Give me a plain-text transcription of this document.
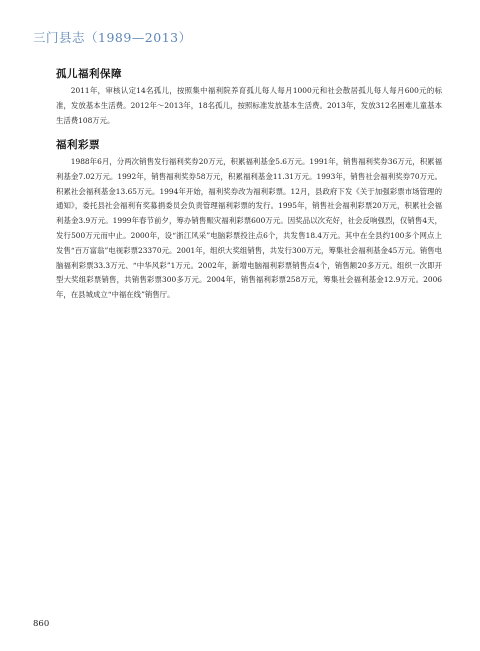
三门县志（1989—2013）
孤儿福利保障
2011年，审核认定14名孤儿，按照集中福利院养育孤儿每人每月1000元和社会散居孤儿每人每月600元的标准，发放基本生活费。2012年～2013年，18名孤儿，按照标准发放基本生活费。2013年，发放312名困难儿童基本生活费108万元。
福利彩票
1988年6月，分两次销售发行福利奖券20万元，积累福利基金5.6万元。1991年，销售福利奖券36万元，积累福利基金7.02万元。1992年，销售福利奖券58万元，积累福利基金11.31万元。1993年，销售社会福利奖券70万元。积累社会福利基金13.65万元。1994年开始，福利奖券改为福利彩票。12月，县政府下发《关于加强彩票市场管理的通知》，委托县社会福利有奖募捐委员会负责管理福利彩票的发行。1995年，销售社会福利彩票20万元，积累社会福利基金3.9万元。1999年春节前夕，筹办销售赈灾福利彩票600万元。因奖品以次充好，社会反响强烈，仅销售4天，发行500万元而中止。2000年，设“浙江风采”电脑彩票投注点6个，共发售18.4万元。其中在全县约100多个网点上发售“百万富翁”电视彩票23370元。2001年，组织大奖组销售，共发行300万元，筹集社会福利基金45万元。销售电脑福利彩票33.3万元、“中华风彩”1万元。2002年，新增电脑福利彩票销售点4个，销售额20多万元。组织一次即开型大奖组彩票销售，共销售彩票300多万元。2004年，销售福利彩票258万元，筹集社会福利基金12.9万元。2006年，在县城成立“中福在线”销售厅。
860
